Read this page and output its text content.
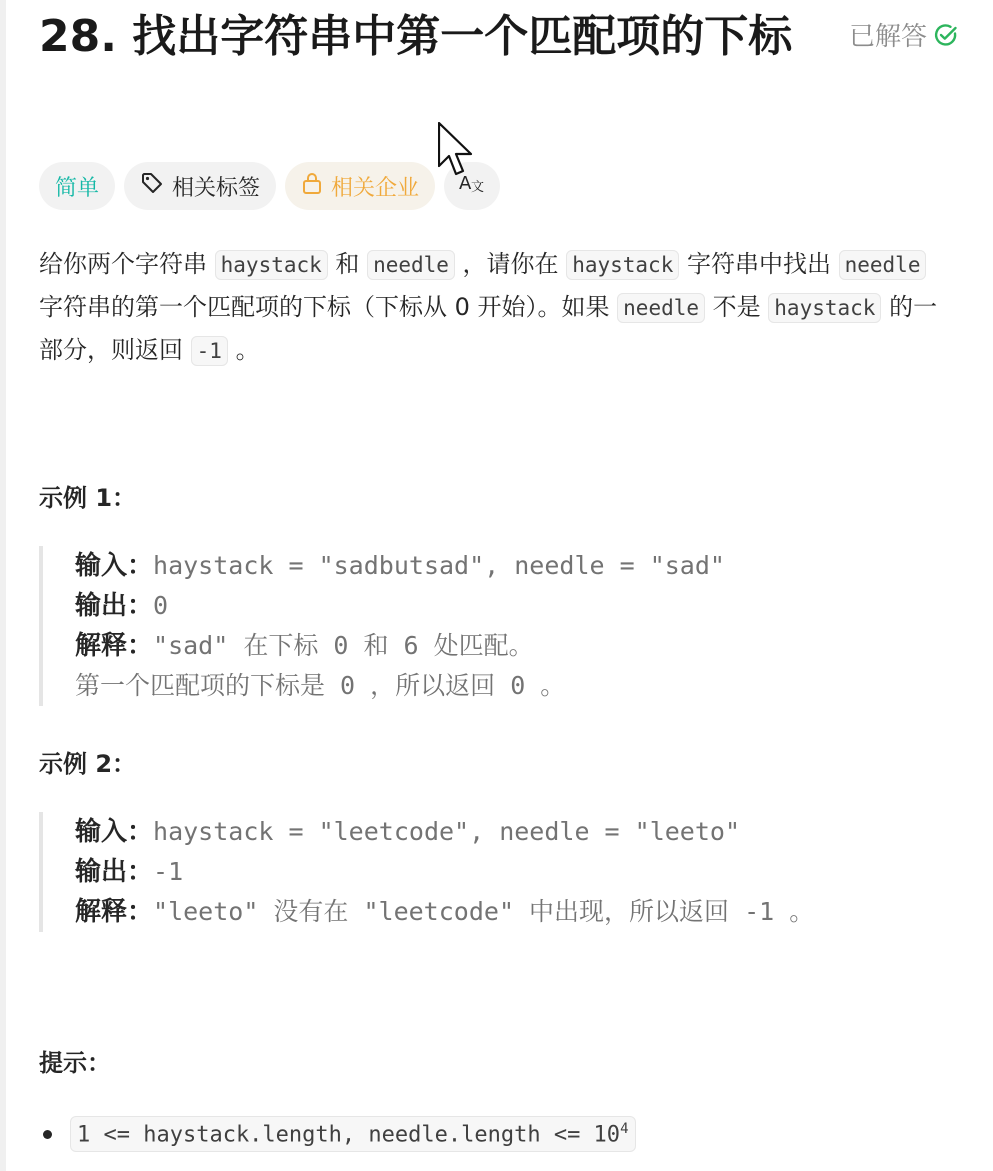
28. 找出字符串中第一个匹配项的下标	已解答
简单	相关标签	相关企业 A 文

给你两个字符串 haystack 和 needle ，请你在 haystack 字符串中找出 needle 字符串的第一个匹配项的下标（下标从 0 开始）。如果 needle 不是 haystack 的一部分，则返回 -1 。

示例 1：

输入：haystack = "sadbutsad", needle = "sad"
输出：0
解释："sad" 在下标 0 和 6 处匹配。
第一个匹配项的下标是 0 ，所以返回 0 。

示例 2：

输入：haystack = "leetcode", needle = "leeto"
输出：-1
解释："leeto" 没有在 "leetcode" 中出现，所以返回 -1 。

提示：

1 <= haystack.length, needle.length <= $10^4$
